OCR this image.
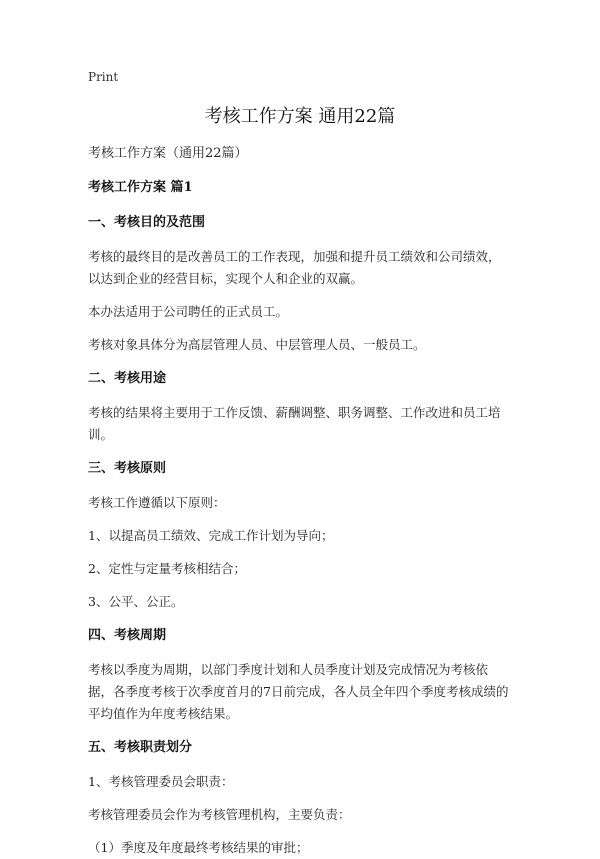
Print
考核工作方案 通用22篇

考核工作方案（通用22篇）

考核工作方案 篇1
一、考核目的及范围

考核的最终目的是改善员工的工作表现，加强和提升员工绩效和公司绩效，以达到企业的经营目标，实现个人和企业的双赢。

本办法适用于公司聘任的正式员工。

考核对象具体分为高层管理人员、中层管理人员、一般员工。

二、考核用途

考核的结果将主要用于工作反馈、薪酬调整、职务调整、工作改进和员工培训。

三、考核原则

考核工作遵循以下原则：

1、以提高员工绩效、完成工作计划为导向；

2、定性与定量考核相结合；

3、公平、公正。

四、考核周期

考核以季度为周期，以部门季度计划和人员季度计划及完成情况为考核依据，各季度考核于次季度首月的7日前完成，各人员全年四个季度考核成绩的平均值作为年度考核结果。

五、考核职责划分

1、考核管理委员会职责：

考核管理委员会作为考核管理机构，主要负责：

（1）季度及年度最终考核结果的审批；
